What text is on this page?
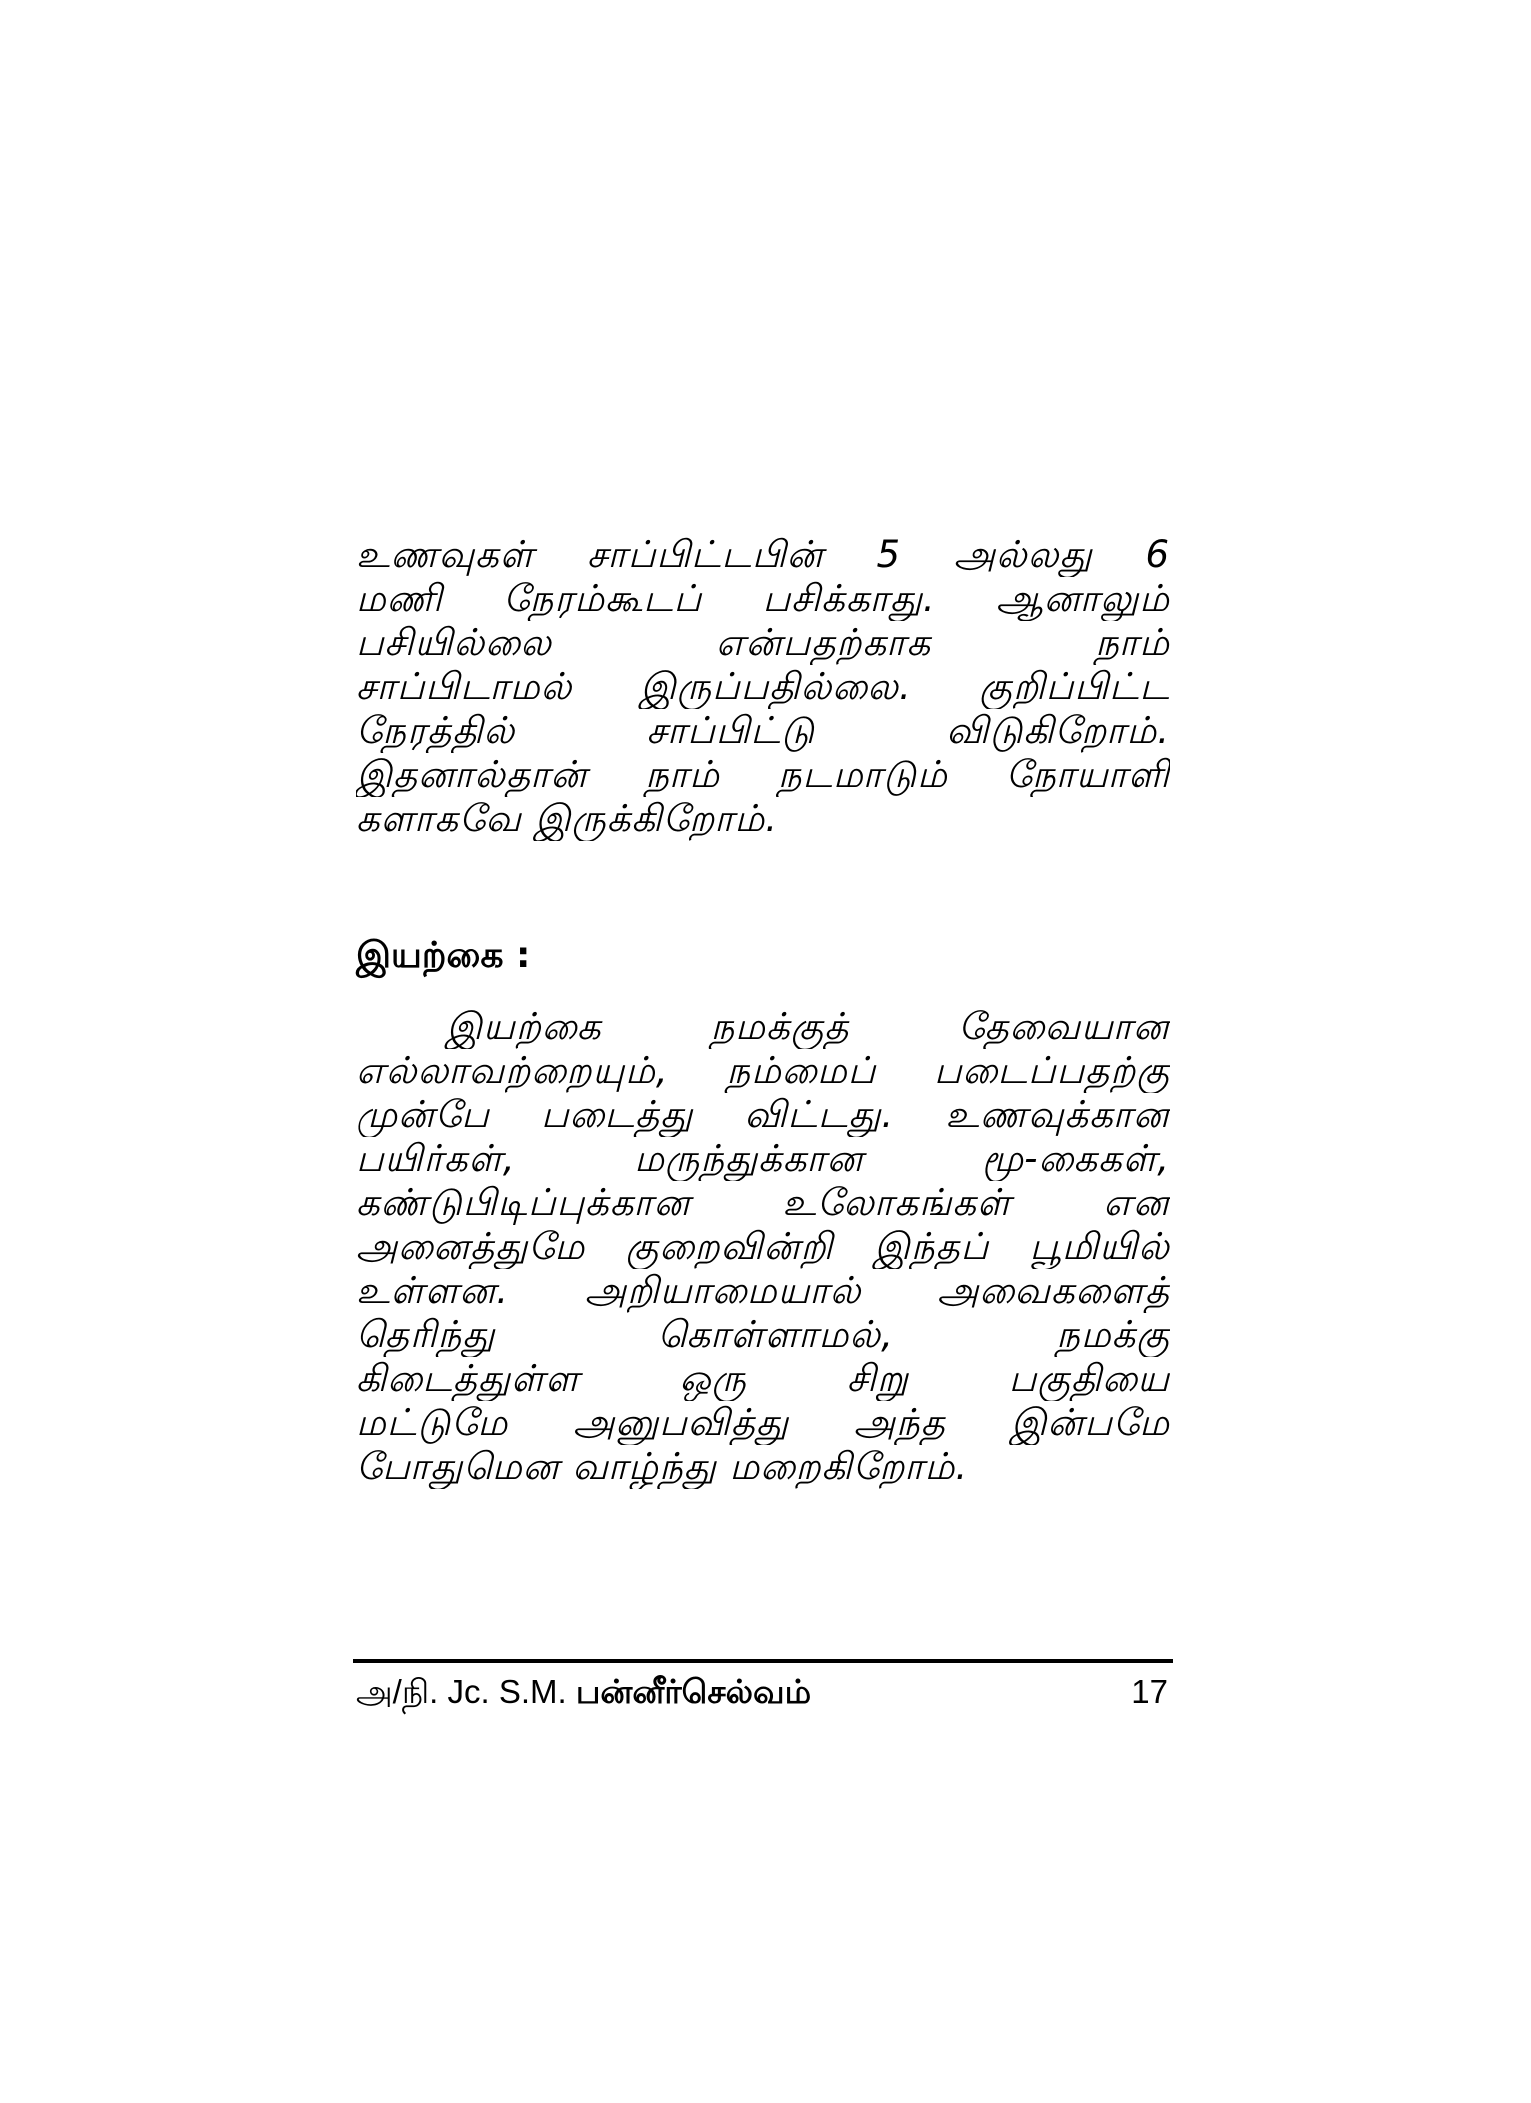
உணவுகள் சாப்பிட்டபின் 5 அல்லது 6

மணி நேரம்கூடப் பசிக்காது. ஆனாலும்

பசியில்லை என்பதற்காக நாம்

சாப்பிடாமல் இருப்பதில்லை. குறிப்பிட்ட

நேரத்தில் சாப்பிட்டு விடுகிறோம்.

இதனால்தான் நாம் நடமாடும் நோயாளி

களாகவே இருக்கிறோம்.

இயற்கை :

இயற்கை நமக்குத் தேவையான

எல்லாவற்றையும், நம்மைப் படைப்பதற்கு

முன்பே படைத்து விட்டது. உணவுக்கான

பயிர்கள், மருந்துக்கான மூ-கைகள்,

கண்டுபிடிப்புக்கான உலோகங்கள் என

அனைத்துமே குறைவின்றி இந்தப் பூமியில்

உள்ளன. அறியாமையால் அவைகளைத்

தெரிந்து கொள்ளாமல், நமக்கு

கிடைத்துள்ள ஒரு சிறு பகுதியை

மட்டுமே அனுபவித்து அந்த இன்பமே

போதுமென வாழ்ந்து மறைகிறோம்.

அ/நி. Jc. S.M. பன்னீர்செல்வம்	17
